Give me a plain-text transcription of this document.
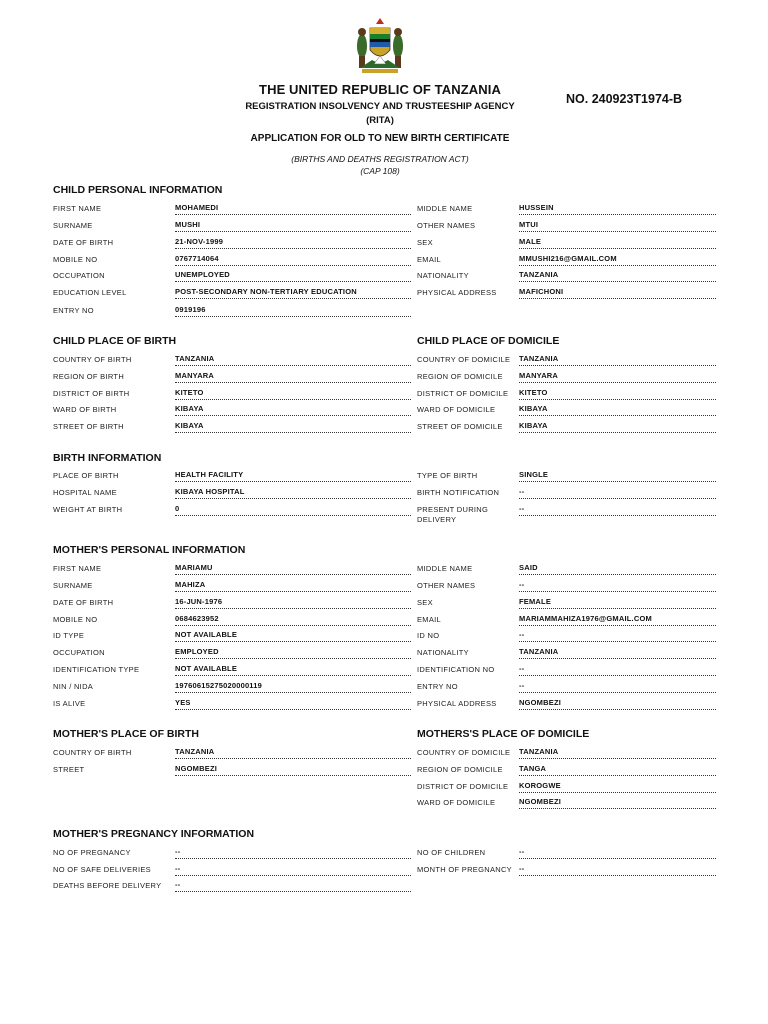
THE UNITED REPUBLIC OF TANZANIA
REGISTRATION INSOLVENCY AND TRUSTEESHIP AGENCY
(RITA)
APPLICATION FOR OLD TO NEW BIRTH CERTIFICATE
(BIRTHS AND DEATHS REGISTRATION ACT)
(CAP 108)
NO. 240923T1974-B
CHILD PERSONAL INFORMATION
FIRST NAME	MOHAMEDI
SURNAME	MUSHI
DATE OF BIRTH	21-NOV-1999
MOBILE NO	0767714064
OCCUPATION	UNEMPLOYED
EDUCATION LEVEL	POST-SECONDARY NON-TERTIARY EDUCATION
ENTRY NO	0919196
MIDDLE NAME	HUSSEIN
OTHER NAMES	MTUI
SEX	MALE
EMAIL	MMUSHI216@GMAIL.COM
NATIONALITY	TANZANIA
PHYSICAL ADDRESS	MAFICHONI
CHILD PLACE OF BIRTH	CHILD PLACE OF DOMICILE
COUNTRY OF BIRTH	TANZANIA
REGION OF BIRTH	MANYARA
DISTRICT OF BIRTH	KITETO
WARD OF BIRTH	KIBAYA
STREET OF BIRTH	KIBAYA
COUNTRY OF DOMICILE TANZANIA
REGION OF DOMICILE MANYARA
DISTRICT OF DOMICILE KITETO
WARD OF DOMICILE	KIBAYA
STREET OF DOMICILE KIBAYA
BIRTH INFORMATION
PLACE OF BIRTH	HEALTH FACILITY
HOSPITAL NAME	KIBAYA HOSPITAL
WEIGHT AT BIRTH	0
TYPE OF BIRTH	SINGLE
BIRTH NOTIFICATION	--
PRESENT DURING
DELIVERY
--
MOTHER'S PERSONAL INFORMATION
FIRST NAME	MARIAMU
SURNAME	MAHIZA
DATE OF BIRTH	16-JUN-1976
MOBILE NO	0684623952
ID TYPE	NOT AVAILABLE
OCCUPATION	EMPLOYED
IDENTIFICATION TYPE	NOT AVAILABLE
NIN / NIDA	19760615275020000119
IS ALIVE	YES
MIDDLE NAME	SAID
OTHER NAMES	--
SEX	FEMALE
EMAIL	MARIAMMAHIZA1976@GMAIL.COM
ID NO	--
NATIONALITY	TANZANIA
IDENTIFICATION NO	--
ENTRY NO	--
PHYSICAL ADDRESS	NGOMBEZI
MOTHER'S PLACE OF BIRTH	MOTHERS'S PLACE OF DOMICILE
COUNTRY OF BIRTH	TANZANIA
STREET	NGOMBEZI
COUNTRY OF DOMICILE TANZANIA
REGION OF DOMICILE TANGA
DISTRICT OF DOMICILE KOROGWE
WARD OF DOMICILE	NGOMBEZI
MOTHER'S PREGNANCY INFORMATION
NO OF PREGNANCY	--
NO OF SAFE DELIVERIES	--
DEATHS BEFORE DELIVERY --
NO OF CHILDREN	--
MONTH OF PREGNANCY --
